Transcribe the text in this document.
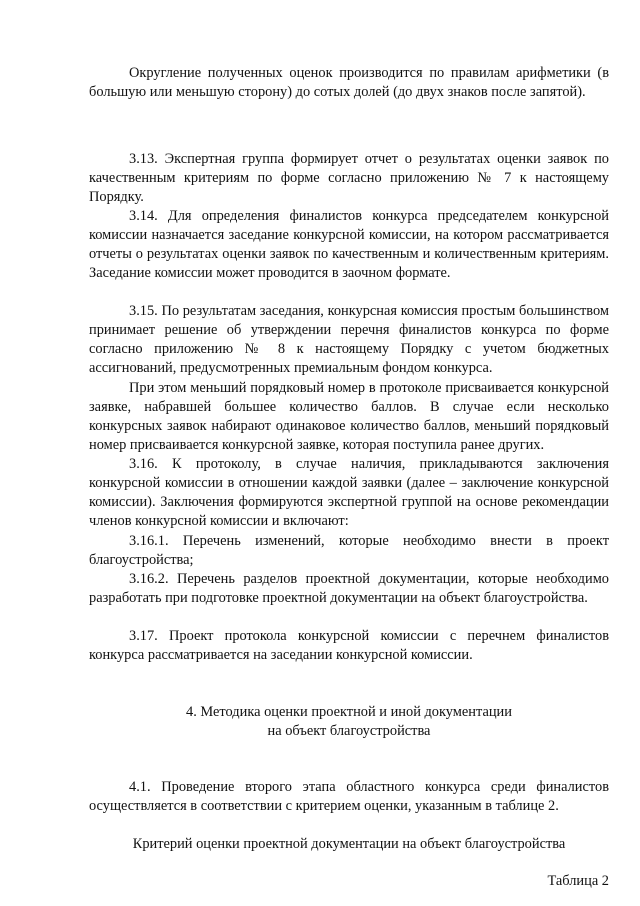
Округление полученных оценок производится по правилам арифметики (в большую или меньшую сторону) до сотых долей (до двух знаков после запятой).

3.13. Экспертная группа формирует отчет о результатах оценки заявок по качественным критериям по форме согласно приложению № 7 к настоящему Порядку.

3.14. Для определения финалистов конкурса председателем конкурсной комиссии назначается заседание конкурсной комиссии, на котором рассматривается отчеты о результатах оценки заявок по качественным и количественным критериям. Заседание комиссии может проводится в заочном формате.

3.15. По результатам заседания, конкурсная комиссия простым большинством принимает решение об утверждении перечня финалистов конкурса по форме согласно приложению № 8 к настоящему Порядку с учетом бюджетных ассигнований, предусмотренных премиальным фондом конкурса.

При этом меньший порядковый номер в протоколе присваивается конкурсной заявке, набравшей большее количество баллов. В случае если несколько конкурсных заявок набирают одинаковое количество баллов, меньший порядковый номер присваивается конкурсной заявке, которая поступила ранее других.

3.16. К протоколу, в случае наличия, прикладываются заключения конкурсной комиссии в отношении каждой заявки (далее – заключение конкурсной комиссии). Заключения формируются экспертной группой на основе рекомендации членов конкурсной комиссии и включают:

3.16.1. Перечень изменений, которые необходимо внести в проект благоустройства;

3.16.2. Перечень разделов проектной документации, которые необходимо разработать при подготовке проектной документации на объект благоустройства.

3.17. Проект протокола конкурсной комиссии с перечнем финалистов конкурса рассматривается на заседании конкурсной комиссии.

4. Методика оценки проектной и иной документации

на объект благоустройства

4.1. Проведение второго этапа областного конкурса среди финалистов осуществляется в соответствии с критерием оценки, указанным в таблице 2.

Критерий оценки проектной документации на объект благоустройства

Таблица 2
